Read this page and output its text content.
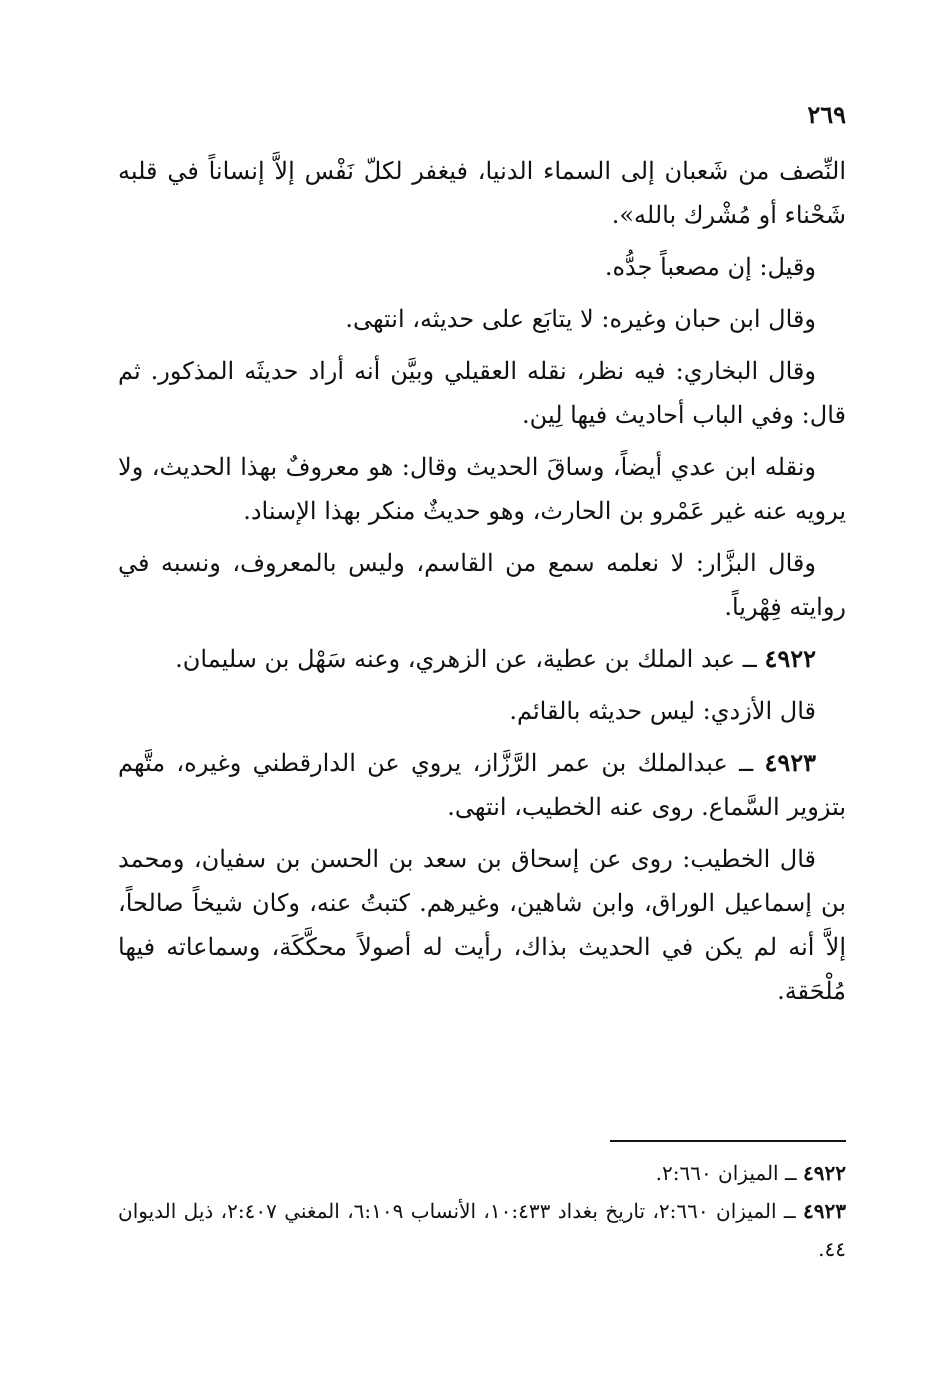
٢٦٩

النِّصف من شَعبان إلى السماء الدنيا، فيغفر لكلّ نَفْس إلاَّ إنساناً في قلبه شَحْناء أو مُشْرك بالله».

وقيل: إن مصعباً جدُّه.

وقال ابن حبان وغيره: لا يتابَع على حديثه، انتهى.

وقال البخاري: فيه نظر، نقله العقيلي وبيَّن أنه أراد حديثَه المذكور. ثم قال: وفي الباب أحاديث فيها لِين.

ونقله ابن عدي أيضاً، وساقَ الحديث وقال: هو معروفٌ بهذا الحديث، ولا يرويه عنه غير عَمْرو بن الحارث، وهو حديثٌ منكر بهذا الإسناد.

وقال البزَّار: لا نعلمه سمع من القاسم، وليس بالمعروف، ونسبه في روايته فِهْرياً.

٤٩٢٢ ــ عبد الملك بن عطية، عن الزهري، وعنه سَهْل بن سليمان.

قال الأزدي: ليس حديثه بالقائم.

٤٩٢٣ ــ عبدالملك بن عمر الرَّزَّاز، يروي عن الدارقطني وغيره، متَّهم بتزوير السَّماع. روى عنه الخطيب، انتهى.

قال الخطيب: روى عن إسحاق بن سعد بن الحسن بن سفيان، ومحمد بن إسماعيل الوراق، وابن شاهين، وغيرهم. كتبتُ عنه، وكان شيخاً صالحاً، إلاَّ أنه لم يكن في الحديث بذاك، رأيت له أصولاً محكَّكَة، وسماعاته فيها مُلْحَقة.

٤٩٢٢ ــ الميزان ٢:٦٦٠.

٤٩٢٣ ــ الميزان ٢:٦٦٠، تاريخ بغداد ١٠:٤٣٣، الأنساب ٦:١٠٩، المغني ٢:٤٠٧، ذيل الديوان ٤٤.
